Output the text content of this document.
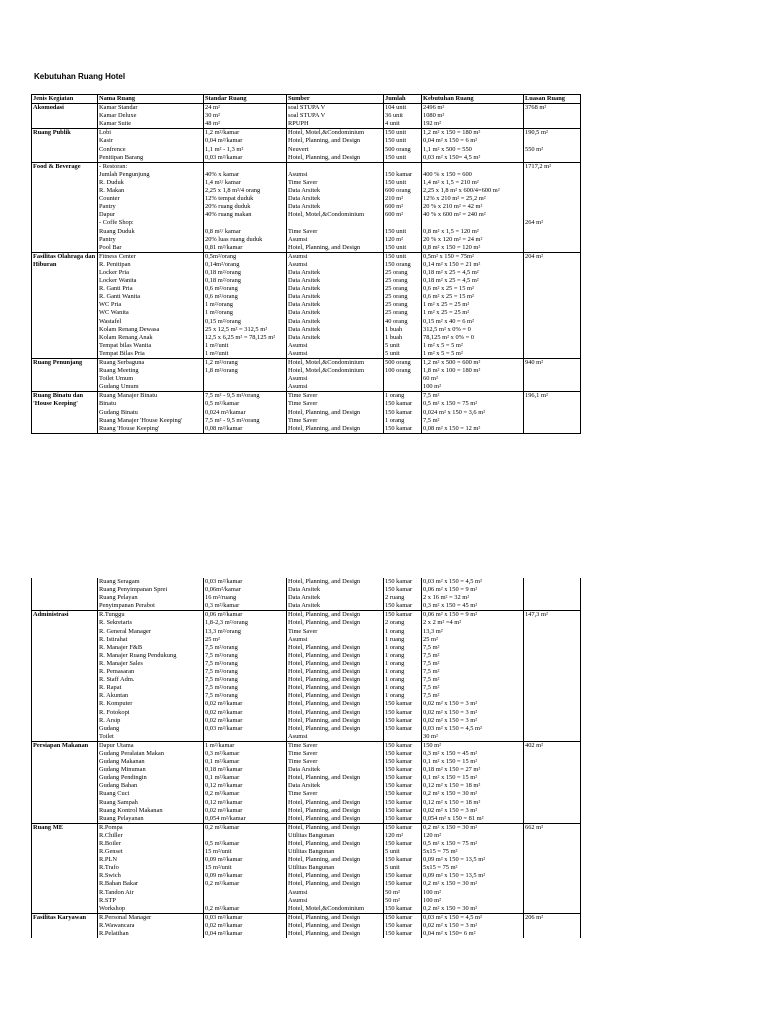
Kebutuhan Ruang Hotel
Jenis Kegiatan	Nama Ruang	Standar Ruang	Sumber	Jumlah	Kebutuhan Ruang	Luasan Ruang
Akomodasi	Kamar Standar	24 m²	soal STUPA V	104 unit	2496 m²	3768 m²
	Kamar Deluxe	30 m²	soal STUPA V	36 unit	1080 m²	
	Kamar Suite	48 m²	RPUPH	4 unit	192 m²	
Ruang Publik	Lobi	1,2 m²/kamar	Hotel, Motel,&Condominium	150 unit	1,2 m² x 150 = 180 m²	190,5 m²
	Kasir	0,04 m²/kamar	Hotel, Planning, and Design	150 unit	0,04 m² x 150 = 6 m²	
	Confrence	1,1 m² - 1,3 m²	Neuvert	500 orang	1,1 m² x 500 = 550	550 m²
	Penitipan Barang	0,03 m²/kamar	Hotel, Planning, and Design	150 unit	0,03 m² x 150= 4,5 m²	
Food & Beverage	- Restoran:					1717,2 m²
	Jumlah Pengunjung	40% x kamar	Asumsi	150 kamar	400 % x 150 = 600	
	R. Duduk	1,4 m²/ kamar	Time Saver	150 unit	1,4 m² x 1,5 = 210 m²	
	R. Makan	2,25 x 1,8 m²/4 orang	Data Arsitek	600 orang	2,25 x 1,8 m² x 600/4=600 m²	
	Counter	12% tempat duduk	Data Arsitek	210 m²	12% x 210 m² = 25,2 m²	
	Pantry	20% ruang duduk	Data Arsitek	600 m²	20 % x 210 m² = 42 m²	
	Dapur	40% ruang makan	Hotel, Motel,&Condominium	600 m²	40 % x 600 m² = 240 m²	
	- Coffe Shop:					264 m²
	Ruang Duduk	0,8 m²/ kamar	Time Saver	150 unit	0,8 m² x 1,5 = 120 m²	
	Pantry	20% luas ruang duduk	Asumsi	120 m²	20 % x 120 m² = 24 m²	
	Pool Bar	0,81 m²/kamar	Hotel, Planning, and Design	150 unit	0,8 m² x 150 = 120 m²	
Fasilitas Olahraga dan	Fitness Center	0,5m²/orang	Asumsi	150 unit	0,5m² x 150 = 75m²	204 m²
Hiburan	R. Penitipan	0,14m²/orang	Asumsi	150 orang	0,14 m² x 150 = 21 m²	
	Locker Pria	0,18 m²/orang	Data Arsitek	25 orang	0,18 m² x 25 = 4,5 m²	
	Locker Wanita	0,18 m²/orang	Data Arsitek	25 orang	0,18 m² x 25 = 4,5 m²	
	R. Ganti Pria	0,6 m²/orang	Data Arsitek	25 orang	0,6 m² x 25 = 15 m²	
	R. Ganti Wanita	0,6 m²/orang	Data Arsitek	25 orang	0,6 m² x 25 = 15 m²	
	WC Pria	1 m²/orang	Data Arsitek	25 orang	1 m² x 25 = 25 m²	
	WC Wanita	1 m²/orang	Data Arsitek	25 orang	1 m² x 25 = 25 m²	
	Wastafel	0,15 m²/orang	Data Arsitek	40 orang	0,15 m² x 40 = 6 m²	
	Kolam Renang Dewasa	25 x 12,5 m² = 312,5 m²	Data Arsitek	1 buah	312,5 m² x 0% = 0	
	Kolam Renang Anak	12,5 x 6,25 m² = 78,125 m²	Data Arsitek	1 buah	78,125 m² x 0% = 0	
	Tempat bilas Wanita	1 m²/unit	Asumsi	5 unit	1 m² x 5 = 5 m²	
	Tempat Bilas Pria	1 m²/unit	Asumsi	5 unit	1 m² x 5 = 5 m²	
Ruang Penunjang	Ruang Serbaguna	1,2 m²/orang	Hotel, Motel,&Condominium	500 orang	1,2 m² x 500 = 600 m²	940 m²
	Ruang Meeting	1,8 m²/orang	Hotel, Motel,&Condominium	100 orang	1,8 m² x 100 = 180 m²	
	Toilet Umum		Asumsi		60 m²	
	Gudang Umum		Asumsi		100 m²	
Ruang Binatu dan	Ruang Manajer Binatu	7,5 m² - 9,5 m²/orang	Time Saver	1 orang	7,5 m²	196,1 m²
'House Keeping'	Binatu	0,5 m²/kamar	Time Saver	150 kamar	0,5 m² x 150 = 75 m²	
	Gudang Binatu	0,024 m²/kamar	Hotel, Planning, and Design	150 kamar	0,024 m² x 150 = 3,6 m²	
	Ruang Manajer 'House Keeping'	7,5 m² - 9,5 m²/orang	Time Saver	1 orang	7,5 m²	
	Ruang 'House Keeping'	0,08 m²/kamar	Hotel, Planning, and Design	150 kamar	0,08 m² x 150 = 12 m²	
	Ruang Seragam	0,03 m²/kamar	Hotel, Planning, and Design	150 kamar	0,03 m² x 150 = 4,5 m²	
	Ruang Penyimpanan Sprei	0,06m²/kamar	Data Arsitek	150 kamar	0,06 m² x 150 = 9 m²	
	Ruang Pelayan	16 m²/ruang	Data Arsitek	2 ruang	2 x 16 m² = 32 m²	
	Penyimpanan Perabot	0,3 m²/kamar	Data Arsitek	150 kamar	0,3 m² x 150 = 45 m²	
Administrasi	R.Tunggu	0,06 m²/kamar	Hotel, Planning, and Design	150 kamar	0,06 m² x 150 = 9 m²	147,3 m²
	R. Sekretaris	1,8-2,3 m²/orang	Hotel, Planning, and Design	2 orang	2 x 2 m² =4 m²	
	R. General Manager	13,3 m²/orang	Time Saver	1 orang	13,3 m²	
	R. Istirahat	25 m²	Asumsi	1 ruang	25 m²	
	R. Manajer F&B	7,5 m²/orang	Hotel, Planning, and Design	1 orang	7,5 m²	
	R. Manajer Ruang Pendukung	7,5 m²/orang	Hotel, Planning, and Design	1 orang	7,5 m²	
	R. Manajer Sales	7,5 m²/orang	Hotel, Planning, and Design	1 orang	7,5 m²	
	R. Pemasaran	7,5 m²/orang	Hotel, Planning, and Design	1 orang	7,5 m²	
	R. Staff Adm.	7,5 m²/orang	Hotel, Planning, and Design	1 orang	7,5 m²	
	R. Rapat	7,5 m²/orang	Hotel, Planning, and Design	1 orang	7,5 m²	
	R. Akuntan	7,5 m²/orang	Hotel, Planning, and Design	1 orang	7,5 m²	
	R. Komputer	0,02 m²/kamar	Hotel, Planning, and Design	150 kamar	0,02 m² x 150 = 3 m²	
	R. Fotokopi	0,02 m²/kamar	Hotel, Planning, and Design	150 kamar	0,02 m² x 150 = 3 m²	
	R. Arsip	0,02 m²/kamar	Hotel, Planning, and Design	150 kamar	0,02 m² x 150 = 3 m²	
	Gudang	0,03 m²/kamar	Hotel, Planning, and Design	150 kamar	0,03 m² x 150 = 4,5 m²	
	Toilet		Asumsi		30 m²	
Persiapan Makanan	Dapur Utama	1 m²/kamar	Time Saver	150 kamar	150 m²	402 m²
	Gudang Peralatan Makan	0,3 m²/kamar	Time Saver	150 kamar	0,3 m² x 150 = 45 m²	
	Gudang Makanan	0,1 m²/kamar	Time Saver	150 kamar	0,1 m² x 150 = 15 m²	
	Gudang Minuman	0,18 m²/kamar	Data Arsitek	150 kamar	0,18 m² x 150 = 27 m²	
	Gudang Pendingin	0,1 m²/kamar	Hotel, Planning, and Design	150 kamar	0,1 m² x 150 = 15 m²	
	Gudang Bahan	0,12 m²/kamar	Data Arsitek	150 kamar	0,12 m² x 150 = 18 m²	
	Ruang Cuci	0,2 m²/kamar	Time Saver	150 kamar	0,2 m² x 150 = 30 m²	
	Ruang Sampah	0,12 m²/kamar	Hotel, Planning, and Design	150 kamar	0,12 m² x 150 = 18 m²	
	Ruang Kontrol Makanan	0,02 m²/kamar	Hotel, Planning, and Design	150 kamar	0,02 m² x 150 = 3 m²	
	Ruang Pelayanan	0,054 m²/kamar	Hotel, Planning, and Design	150 kamar	0,054 m² x 150 = 81 m²	
Ruang ME	R.Pompa	0,2 m²/kamar	Hotel, Planning, and Design	150 kamar	0,2 m² x 150 = 30 m²	662 m²
	R.Chiller		Utilitas Bangunan	120 m²	120 m²	
	R.Boiler	0,5 m²/kamar	Hotel, Planning, and Design	150 kamar	0,5 m² x 150 = 75 m²	
	R.Genset	15 m²/unit	Utilitas Bangunan	5 unit	5x15 = 75 m²	
	R.PLN	0,09 m²/kamar	Hotel, Planning, and Design	150 kamar	0,09 m² x 150 = 13,5 m²	
	R.Trafo	15 m²/unit	Utilitas Bangunan	5 unit	5x15 = 75 m²	
	R.Swich	0,09 m²/kamar	Hotel, Planning, and Design	150 kamar	0,09 m² x 150 = 13,5 m²	
	R.Bahan Bakar	0,2 m²/kamar	Hotel, Planning, and Design	150 kamar	0,2 m² x 150 = 30 m²	
	R.Tandon Air		Asumsi	50 m²	100 m²	
	R.STP		Asumsi	50 m²	100 m²	
	Workshop	0,2 m²/kamar	Hotel, Motel,&Condominium	150 kamar	0,2 m² x 150 = 30 m²	
Fasilitas Karyawan	R.Personal Manager	0,03 m²/kamar	Hotel, Planning, and Design	150 kamar	0,03 m² x 150 = 4,5 m²	206 m²
	R.Wawancara	0,02 m²/kamar	Hotel, Planning, and Design	150 kamar	0,02 m² x 150 = 3 m²	
	R.Pelatihan	0,04 m²/kamar	Hotel, Planning, and Design	150 kamar	0,04 m² x 150= 6 m²	
